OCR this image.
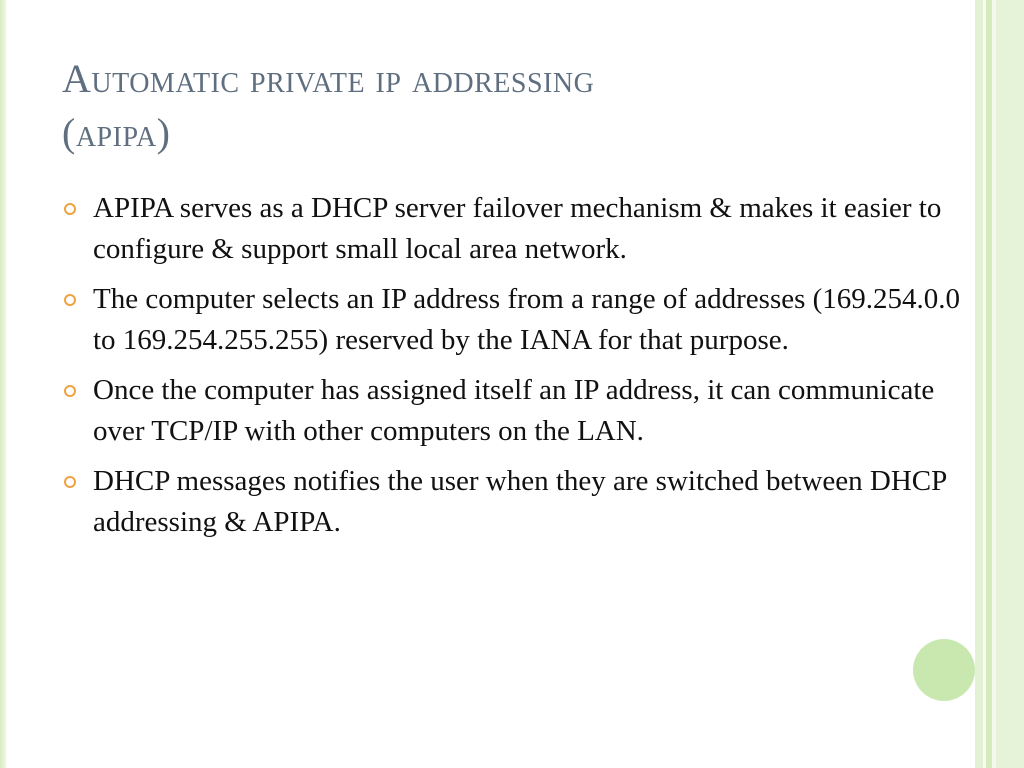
Automatic private ip addressing
(apipa)
APIPA serves as a DHCP server failover mechanism & makes it easier to configure & support small local area network.
The computer selects an IP address from a range of addresses (169.254.0.0 to 169.254.255.255) reserved by the IANA for that purpose.
Once the computer has assigned itself an IP address, it can communicate over TCP/IP with other computers on the LAN.
DHCP messages notifies the user when they are switched between DHCP addressing & APIPA.
